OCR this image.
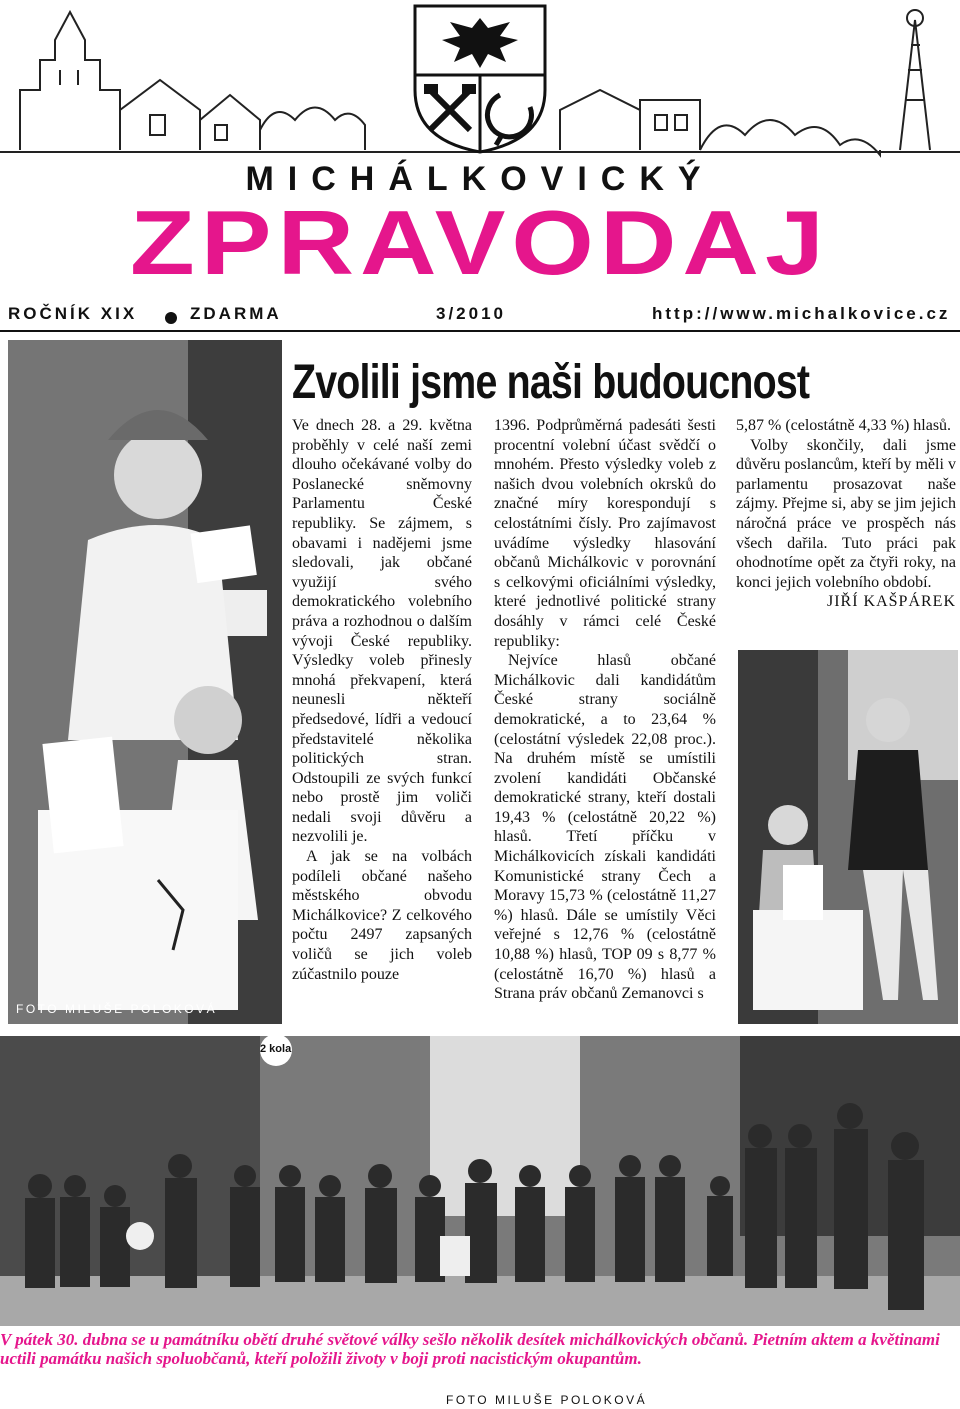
MICHÁLKOVICKÝ
ZPRAVODAJ
ROČNÍK XIX	ZDARMA	3/2010	http://www.michalkovice.cz
FOTO MILUŠE POLOKOVÁ
Zvolili jsme naši budoucnost

Ve dnech 28. a 29. května proběhly v celé naší zemi dlouho očekávané volby do Poslanecké sněmovny Parlamentu České republiky. Se zájmem, s obavami i nadějemi jsme sledovali, jak občané využijí svého demokratického volebního práva a rozhodnou o dalším vývoji České republiky. Výsledky voleb přinesly mnohá překvapení, která neunesli někteří předsedové, lídři a vedoucí představitelé několika politických stran. Odstoupili ze svých funkcí nebo prostě jim voliči nedali svoji důvěru a nezvolili je.

A jak se na volbách podíleli občané našeho městského obvodu Michálkovice? Z celkového počtu 2497 zapsaných voličů se jich voleb zúčastnilo pouze

1396. Podprůměrná padesáti šesti procentní volební účast svědčí o mnohém. Přesto výsledky voleb z našich dvou volebních okrsků do značné míry korespondují s celostátními čísly. Pro zajímavost uvádíme výsledky hlasování občanů Michálkovic v porovnání s celkovými oficiálními výsledky, které jednotlivé politické strany dosáhly v rámci celé České republiky:

Nejvíce hlasů občané Michálkovic dali kandidátům České strany sociálně demokratické, a to 23,64 % (celostátní výsledek 22,08 proc.). Na druhém místě se umístili zvolení kandidáti Občanské demokratické strany, kteří dostali 19,43 % (celostátně 20,22 %) hlasů. Třetí příčku v Michálkovicích získali kandidáti Komunistické strany Čech a Moravy 15,73 % (celostátně 11,27 %) hlasů. Dále se umístily Věci veřejné s 12,76 % (celostátně 10,88 %) hlasů, TOP 09 s 8,77 % (celostátně 16,70 %) hlasů a Strana práv občanů Zemanovci s

5,87 % (celostátně 4,33 %) hlasů.

Volby skončily, dali jsme důvěru poslancům, kteří by měli v parlamentu prosazovat naše zájmy. Přejme si, aby se jim jejich náročná práce ve prospěch nás všech dařila. Tuto práci pak ohodnotíme opět za čtyři roky, na konci jejich volebního období.

JIŘÍ KAŠPÁREK

2 kola
V pátek 30. dubna se u památníku obětí druhé světové války sešlo několik desítek michálkovických občanů. Pietním aktem a květinami uctili památku našich spoluobčanů, kteří položili životy v boji proti nacistickým okupantům.
FOTO MILUŠE POLOKOVÁ
